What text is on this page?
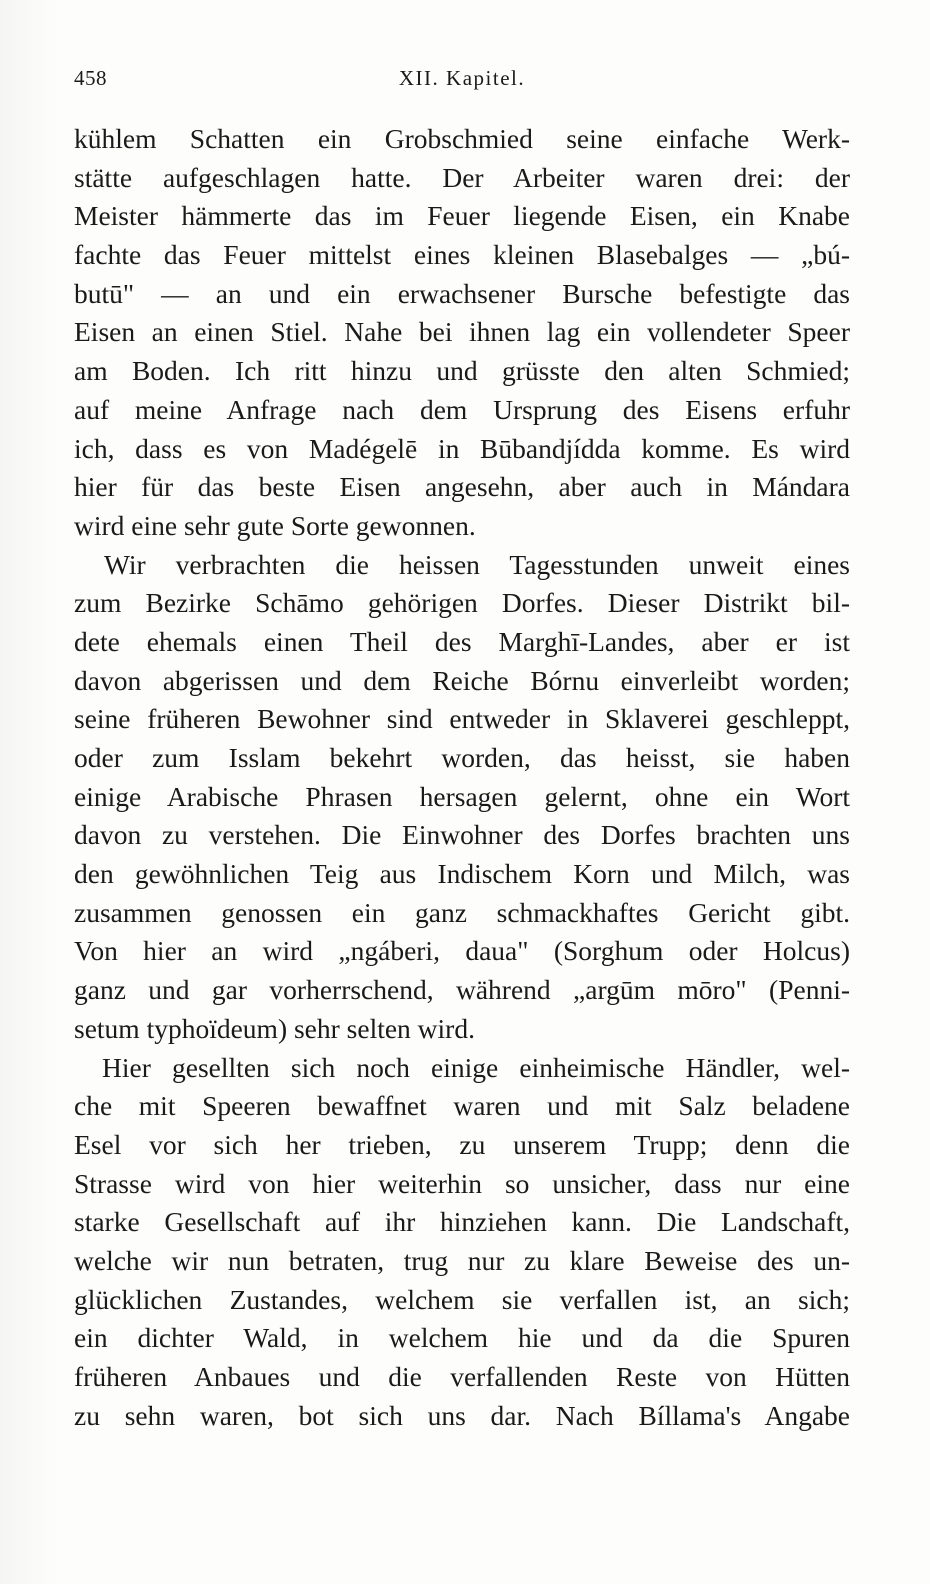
458	XII. Kapitel.
kühlem Schatten ein Grobschmied seine einfache Werk-
stätte aufgeschlagen hatte. Der Arbeiter waren drei: der
Meister hämmerte das im Feuer liegende Eisen, ein Knabe
fachte das Feuer mittelst eines kleinen Blasebalges — „bú-
butū" — an und ein erwachsener Bursche befestigte das
Eisen an einen Stiel. Nahe bei ihnen lag ein vollendeter Speer
am Boden. Ich ritt hinzu und grüsste den alten Schmied;
auf meine Anfrage nach dem Ursprung des Eisens erfuhr
ich, dass es von Madégelē in Būbandjídda komme. Es wird
hier für das beste Eisen angesehn, aber auch in Mándara
wird eine sehr gute Sorte gewonnen.
Wir verbrachten die heissen Tagesstunden unweit eines
zum Bezirke Schāmo gehörigen Dorfes. Dieser Distrikt bil-
dete ehemals einen Theil des Marghī-Landes, aber er ist
davon abgerissen und dem Reiche Bórnu einverleibt worden;
seine früheren Bewohner sind entweder in Sklaverei geschleppt,
oder zum Isslam bekehrt worden, das heisst, sie haben
einige Arabische Phrasen hersagen gelernt, ohne ein Wort
davon zu verstehen. Die Einwohner des Dorfes brachten uns
den gewöhnlichen Teig aus Indischem Korn und Milch, was
zusammen genossen ein ganz schmackhaftes Gericht gibt.
Von hier an wird „ngáberi, daua" (Sorghum oder Holcus)
ganz und gar vorherrschend, während „argūm mōro" (Penni-
setum typhoïdeum) sehr selten wird.
Hier gesellten sich noch einige einheimische Händler, wel-
che mit Speeren bewaffnet waren und mit Salz beladene
Esel vor sich her trieben, zu unserem Trupp; denn die
Strasse wird von hier weiterhin so unsicher, dass nur eine
starke Gesellschaft auf ihr hinziehen kann. Die Landschaft,
welche wir nun betraten, trug nur zu klare Beweise des un-
glücklichen Zustandes, welchem sie verfallen ist, an sich;
ein dichter Wald, in welchem hie und da die Spuren
früheren Anbaues und die verfallenden Reste von Hütten
zu sehn waren, bot sich uns dar. Nach Bíllama's Angabe
